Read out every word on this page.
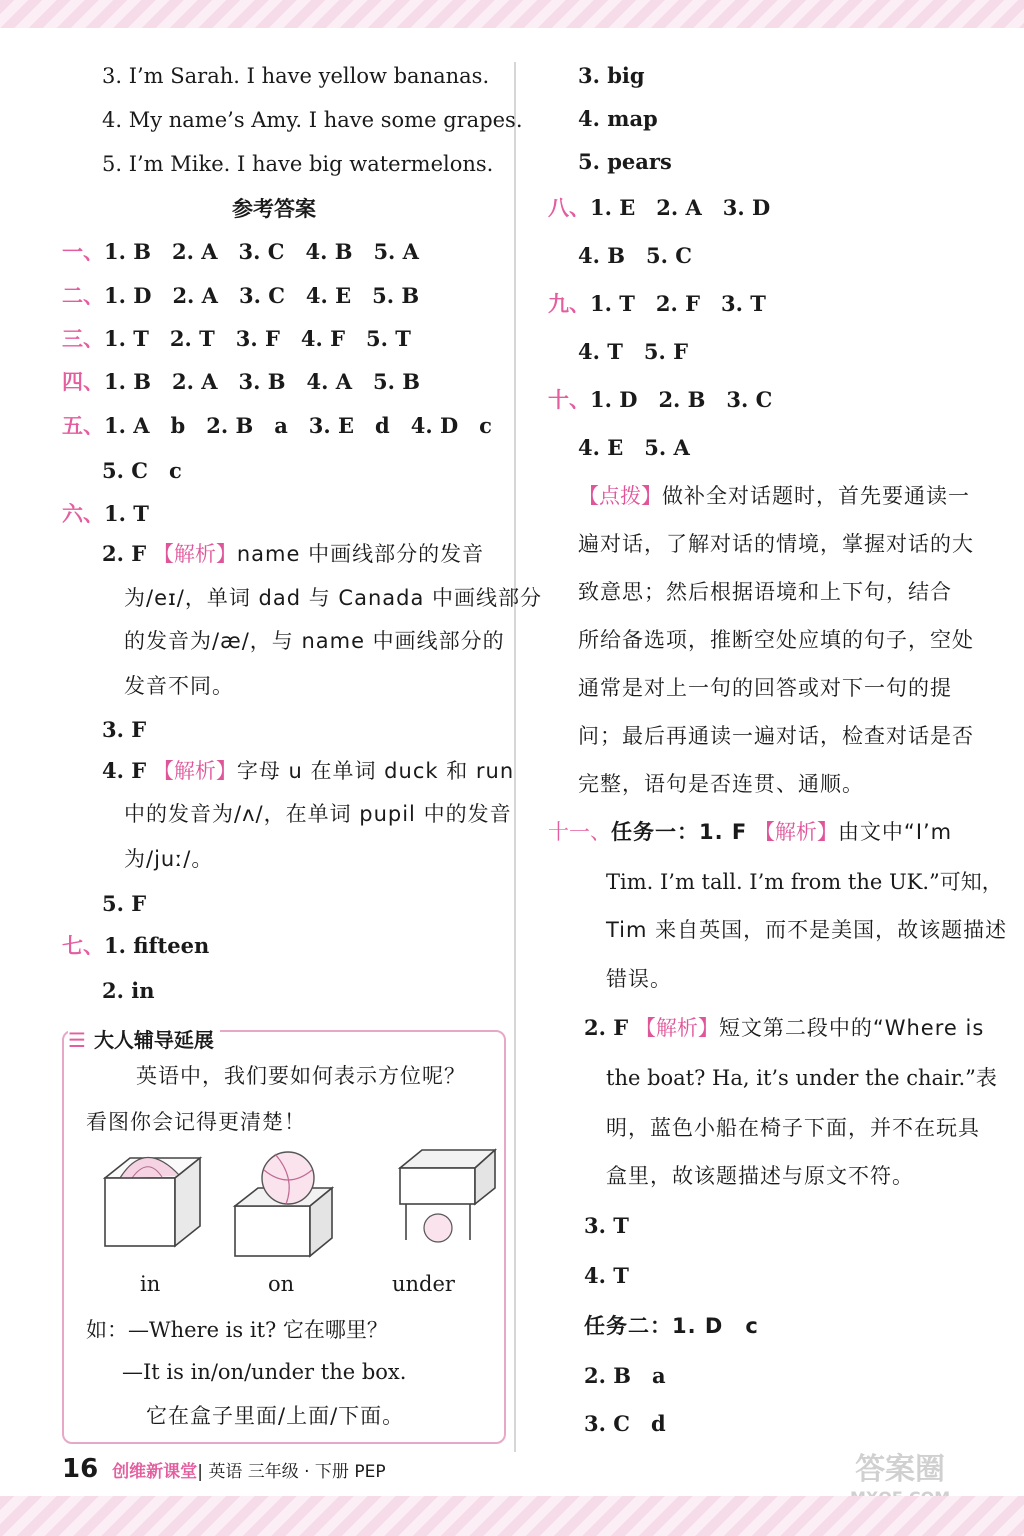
3. I’m Sarah. I have yellow bananas.
4. My name’s Amy. I have some grapes.
5. I’m Mike. I have big watermelons.
参考答案
一、1. B　2. A　3. C　4. B　5. A
二、1. D　2. A　3. C　4. E　5. B
三、1. T　2. T　3. F　4. F　5. T
四、1. B　2. A　3. B　4. A　5. B
五、1. A　b　2. B　a　3. E　d　4. D　c
5. C　c
六、1. T
2. F 【解析】name 中画线部分的发音
为/eɪ/，单词 dad 与 Canada 中画线部分
的发音为/æ/，与 name 中画线部分的
发音不同。
3. F
4. F 【解析】字母 u 在单词 duck 和 run
中的发音为/ʌ/，在单词 pupil 中的发音
为/juː/。
5. F
七、1. fifteen
2. in
☰ 大人辅导延展
英语中，我们要如何表示方位呢？
看图你会记得更清楚！
in	on	under
如：—Where is it? 它在哪里？
—It is in/on/under the box.
它在盒子里面/上面/下面。
3. big
4. map
5. pears
八、1. E　2. A　3. D
4. B　5. C
九、1. T　2. F　3. T
4. T　5. F
十、1. D　2. B　3. C
4. E　5. A
【点拨】做补全对话题时，首先要通读一
遍对话，了解对话的情境，掌握对话的大
致意思；然后根据语境和上下句，结合
所给备选项，推断空处应填的句子，空处
通常是对上一句的回答或对下一句的提
问；最后再通读一遍对话，检查对话是否
完整，语句是否连贯、通顺。
十一、任务一：1. F 【解析】由文中“I’m
Tim. I’m tall. I’m from the UK.”可知，
Tim 来自英国，而不是美国，故该题描述
错误。
2. F 【解析】短文第二段中的“Where is
the boat? Ha, it’s under the chair.”表
明，蓝色小船在椅子下面，并不在玩具
盒里，故该题描述与原文不符。
3. T
4. T
任务二：1. D　c
2. B　a
3. C　d
16 创维新课堂| 英语 三年级 · 下册 PEP	答案圈
